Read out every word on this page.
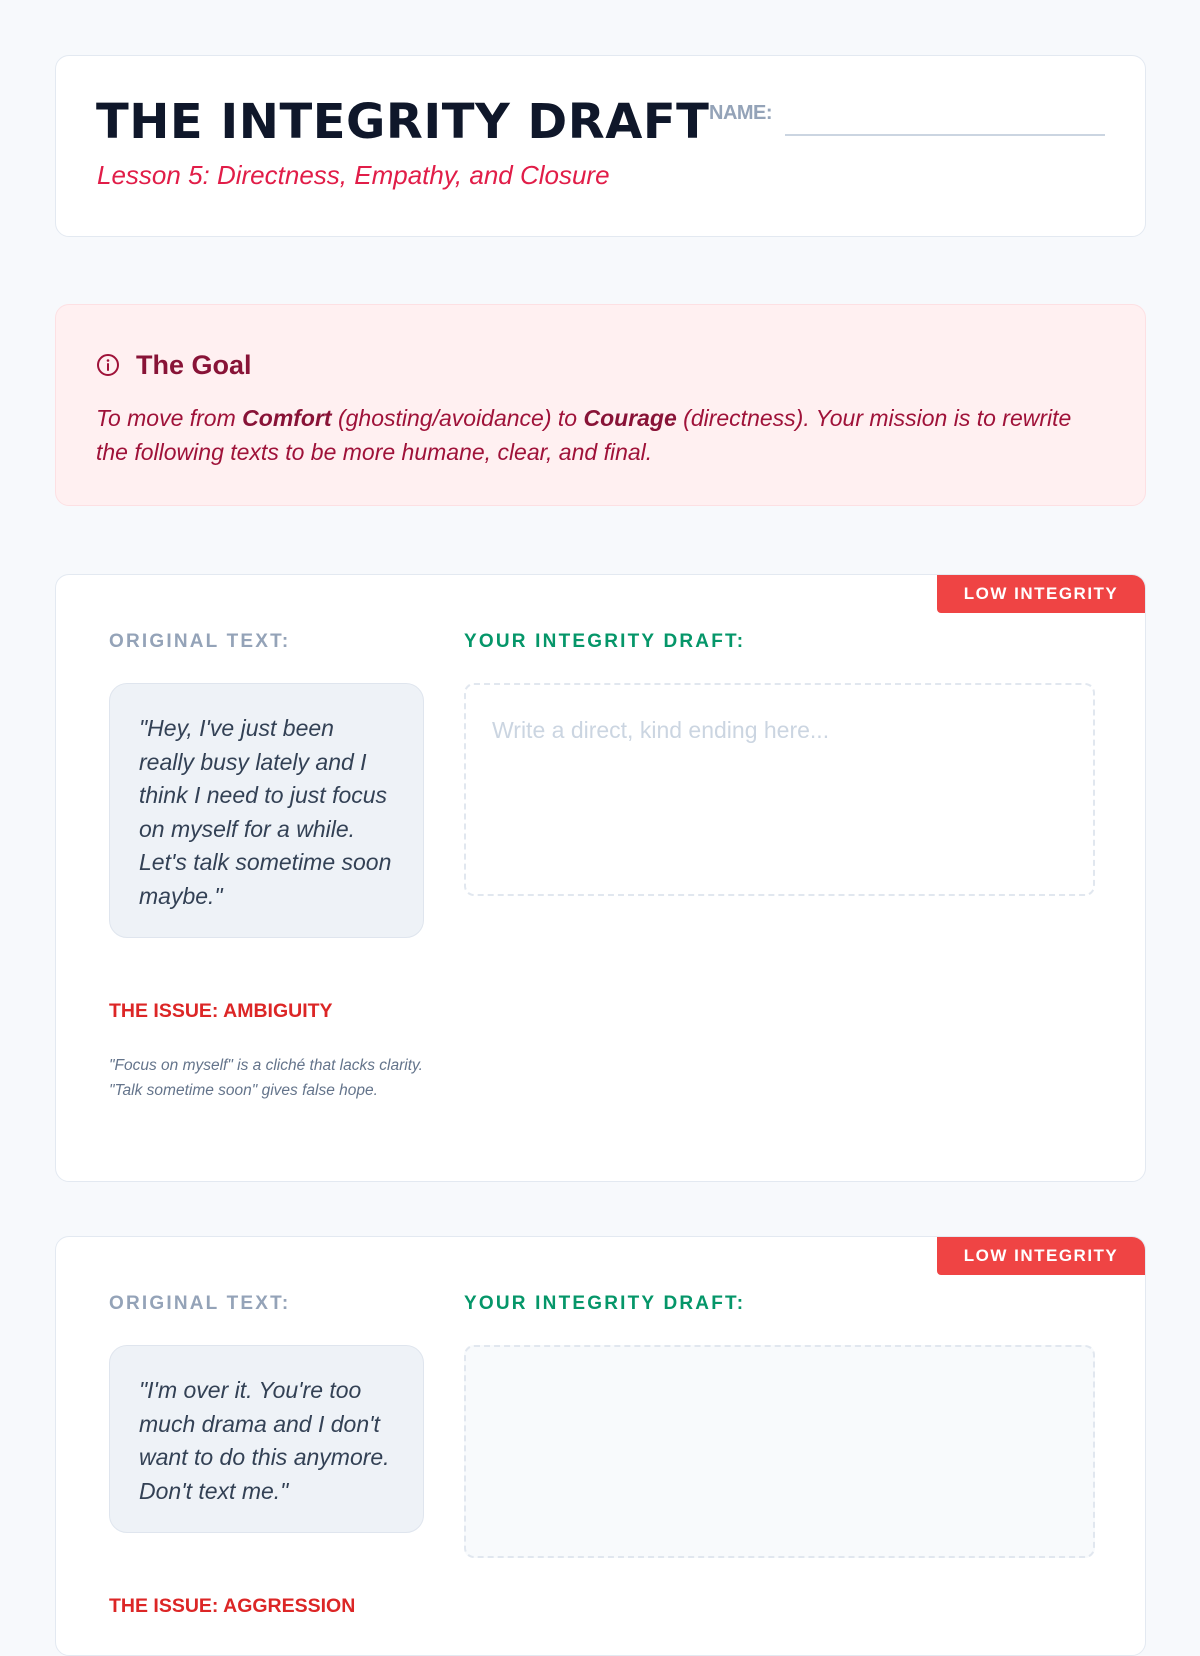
THE INTEGRITY DRAFT
Lesson 5: Directness, Empathy, and Closure
NAME:
The Goal
To move from Comfort (ghosting/avoidance) to Courage (directness). Your mission is to rewrite the following texts to be more humane, clear, and final.
LOW INTEGRITY
ORIGINAL TEXT:	YOUR INTEGRITY DRAFT:
"Hey, I've just been really busy lately and I think I need to just focus on myself for a while. Let's talk sometime soon maybe."
Write a direct, kind ending here...
THE ISSUE: AMBIGUITY
"Focus on myself" is a cliché that lacks clarity. "Talk sometime soon" gives false hope.
LOW INTEGRITY
ORIGINAL TEXT:	YOUR INTEGRITY DRAFT:
"I'm over it. You're too much drama and I don't want to do this anymore. Don't text me."
THE ISSUE: AGGRESSION
